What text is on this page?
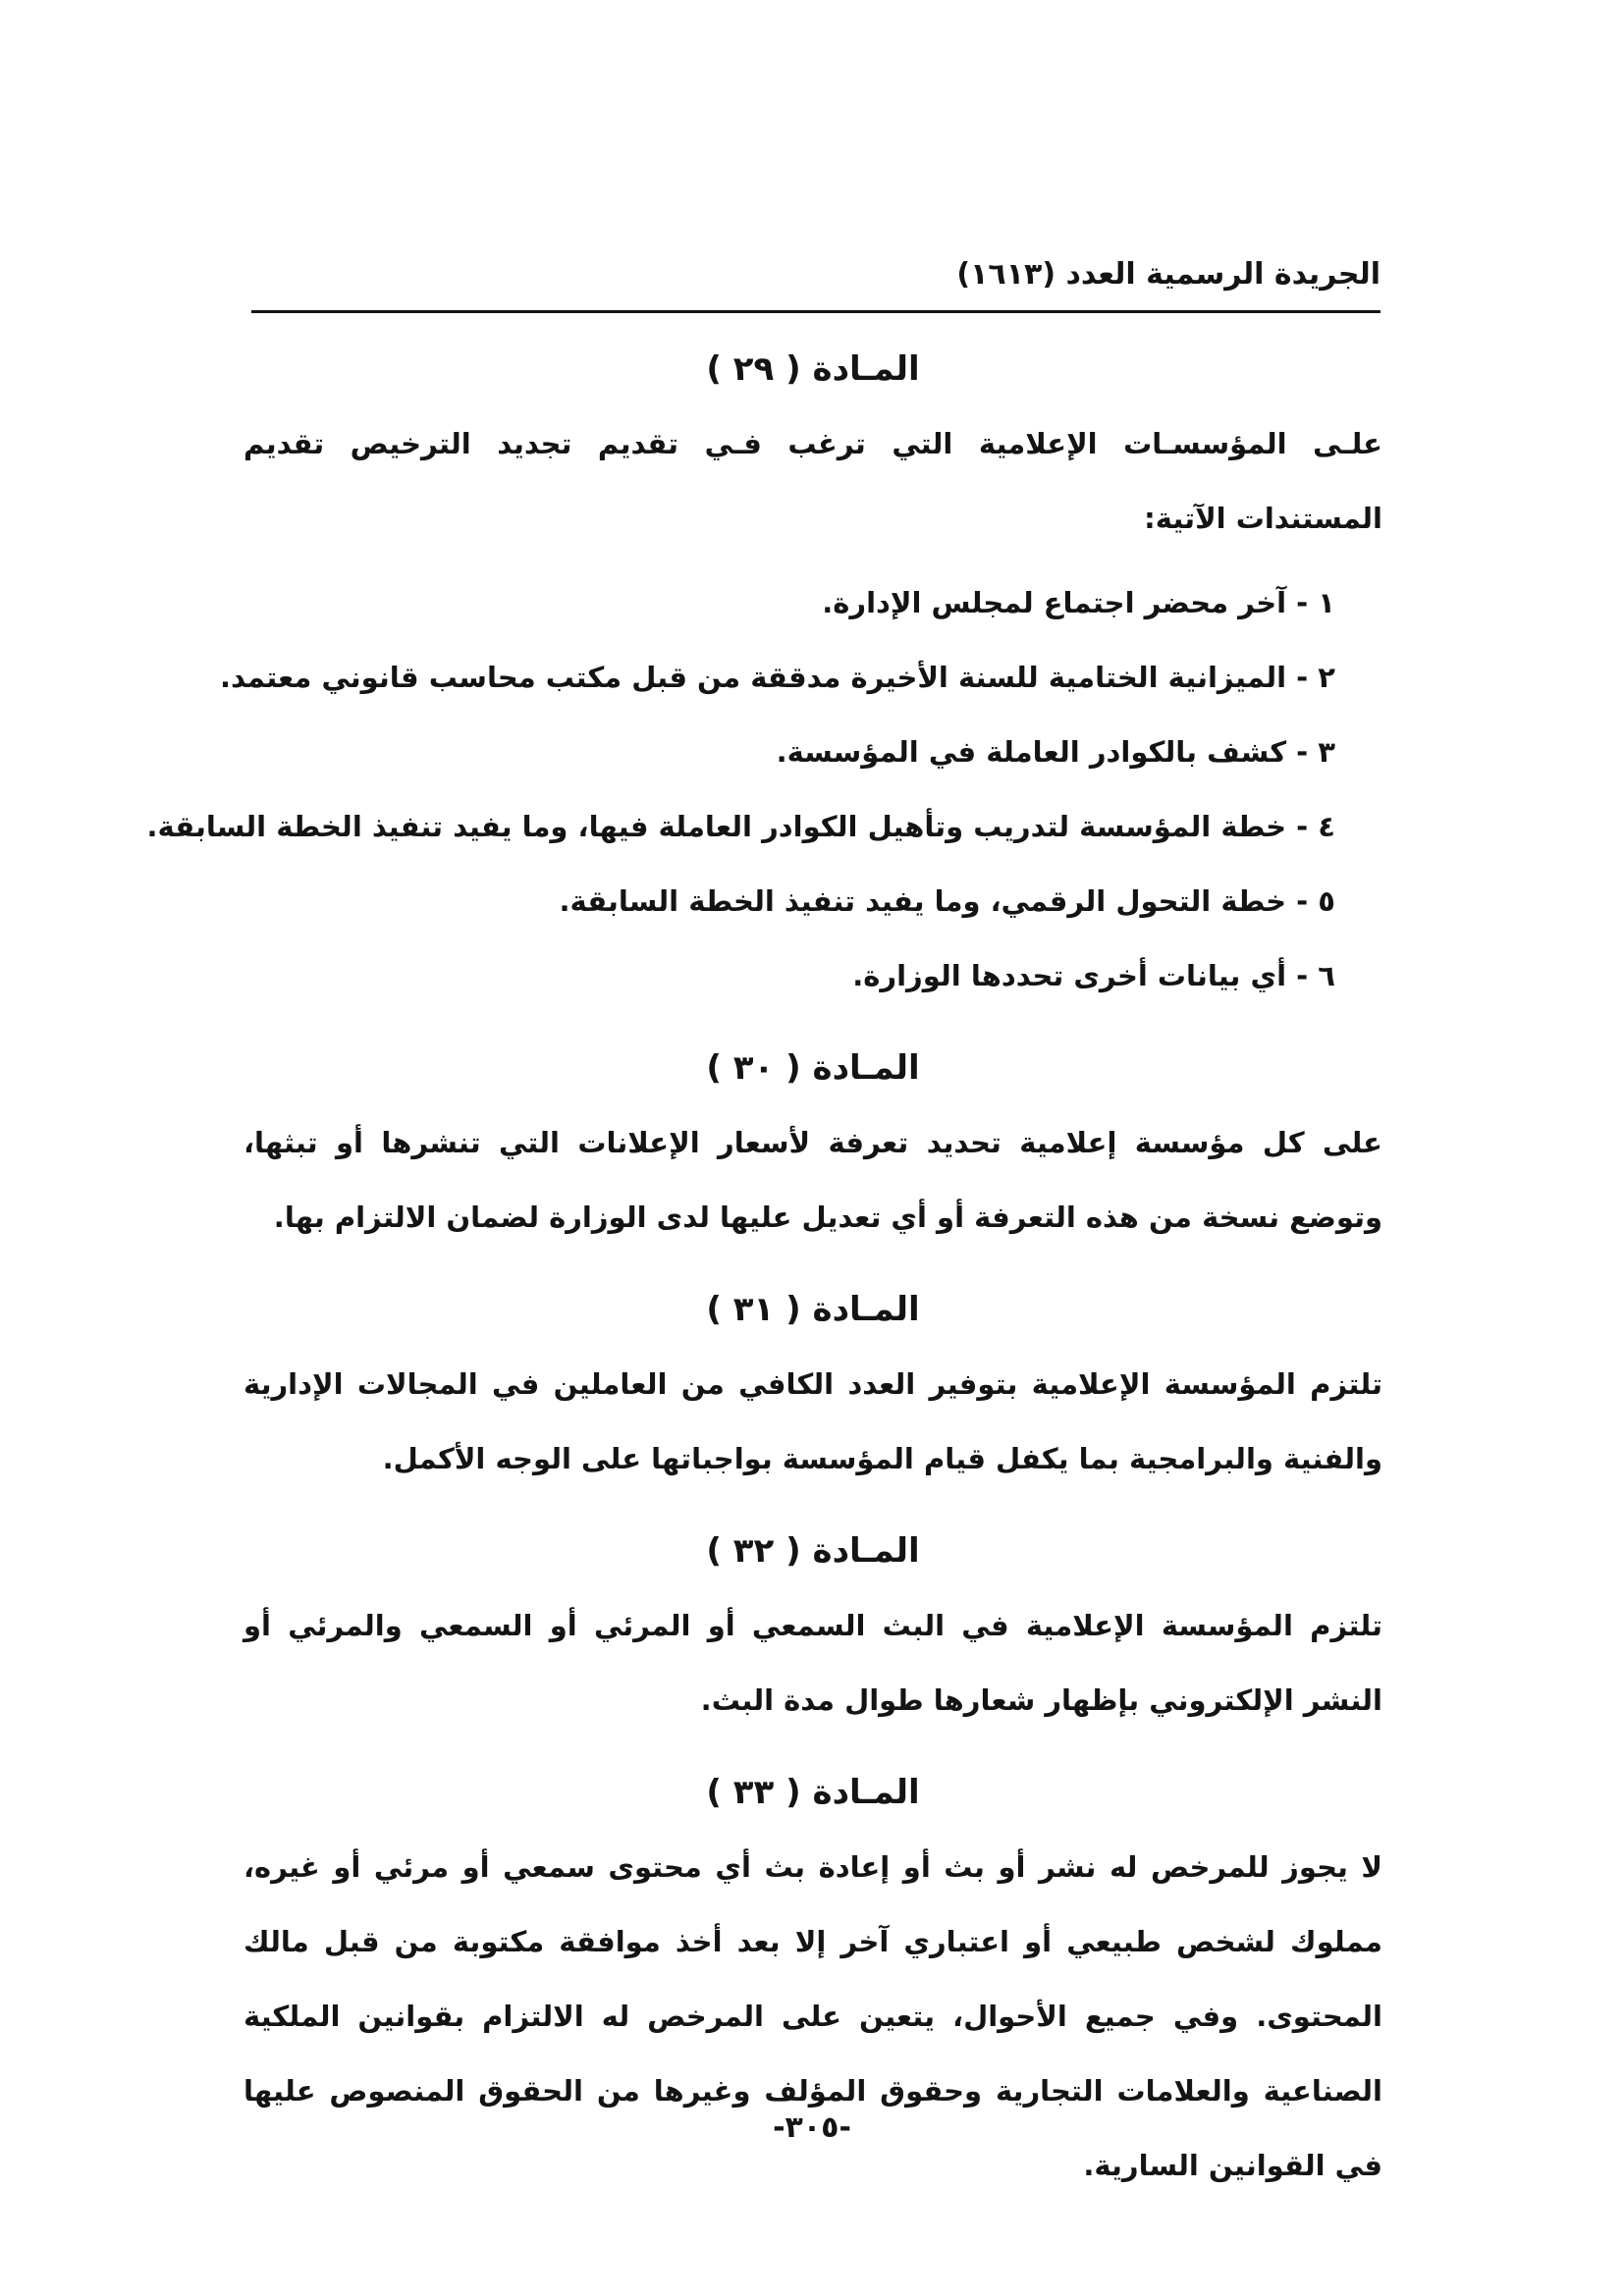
الجريدة الرسمية العدد (١٦١٣)
المـادة ( ٢٩ )

علـى المؤسسـات الإعلامية التي ترغب فـي تقديم تجديد الترخيص تقديم المستندات الآتية:

١ - آخر محضر اجتماع لمجلس الإدارة.
٢ - الميزانية الختامية للسنة الأخيرة مدققة من قبل مكتب محاسب قانوني معتمد.
٣ - كشف بالكوادر العاملة في المؤسسة.
٤ - خطة المؤسسة لتدريب وتأهيل الكوادر العاملة فيها، وما يفيد تنفيذ الخطة السابقة.
٥ - خطة التحول الرقمي، وما يفيد تنفيذ الخطة السابقة.
٦ - أي بيانات أخرى تحددها الوزارة.
المـادة ( ٣٠ )

على كل مؤسسة إعلامية تحديد تعرفة لأسعار الإعلانات التي تنشرها أو تبثها، وتوضع نسخة من هذه التعرفة أو أي تعديل عليها لدى الوزارة لضمان الالتزام بها.

المـادة ( ٣١ )

تلتزم المؤسسة الإعلامية بتوفير العدد الكافي من العاملين في المجالات الإدارية والفنية والبرامجية بما يكفل قيام المؤسسة بواجباتها على الوجه الأكمل.

المـادة ( ٣٢ )

تلتزم المؤسسة الإعلامية في البث السمعي أو المرئي أو السمعي والمرئي أو النشر الإلكتروني بإظهار شعارها طوال مدة البث.

المـادة ( ٣٣ )

لا يجوز للمرخص له نشر أو بث أو إعادة بث أي محتوى سمعي أو مرئي أو غيره، مملوك لشخص طبيعي أو اعتباري آخر إلا بعد أخذ موافقة مكتوبة من قبل مالك المحتوى. وفي جميع الأحوال، يتعين على المرخص له الالتزام بقوانين الملكية الصناعية والعلامات التجارية وحقوق المؤلف وغيرها من الحقوق المنصوص عليها في القوانين السارية.

-٣٠٥-
